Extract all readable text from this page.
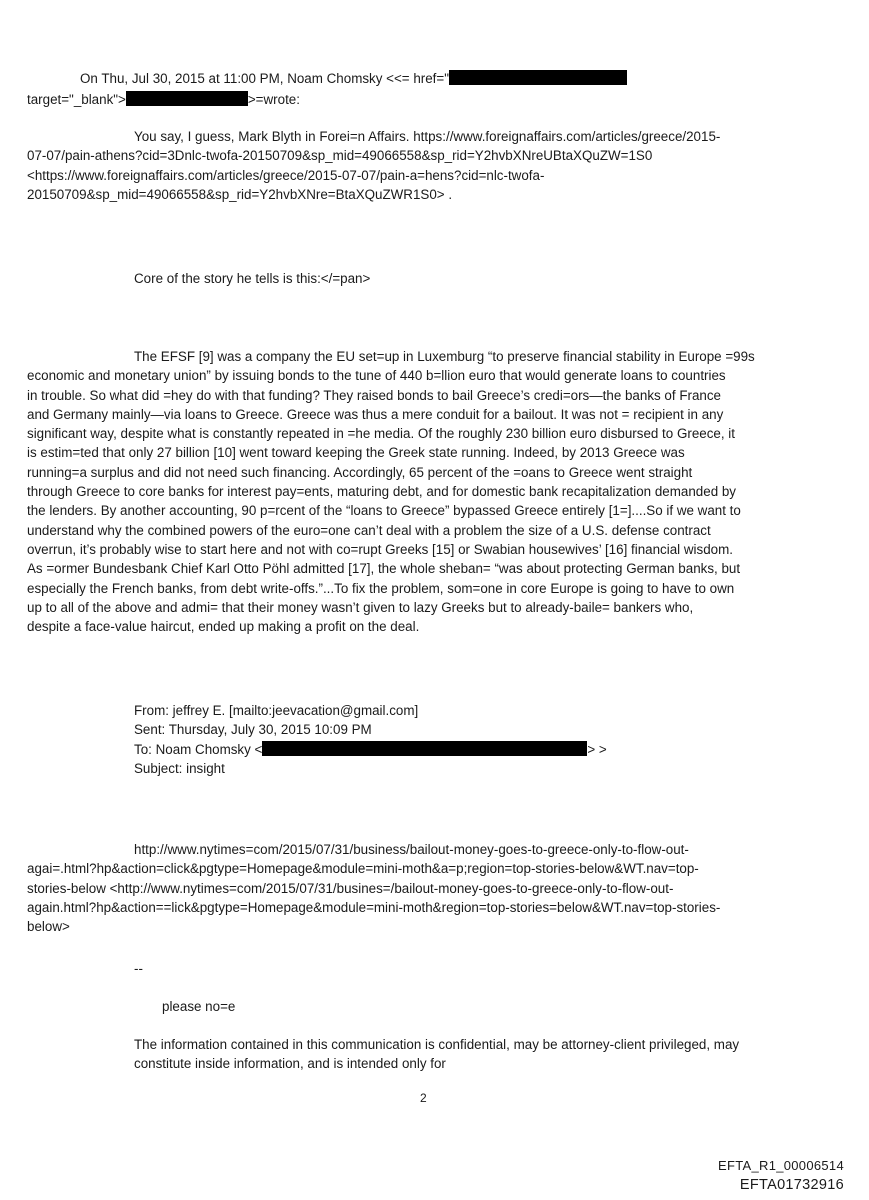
On Thu, Jul 30, 2015 at 11:00 PM, Noam Chomsky <<= href="
target="_blank">	>=wrote:

You say, I guess, Mark Blyth in Forei=n Affairs. https://www.foreignaffairs.com/articles/greece/2015-

07-07/pain-athens?cid=3Dnlc-twofa-20150709&sp_mid=49066558&sp_rid=Y2hvbXNreUBtaXQuZW=1S0

<https://www.foreignaffairs.com/articles/greece/2015-07-07/pain-a=hens?cid=nlc-twofa-

20150709&sp_mid=49066558&sp_rid=Y2hvbXNre=BtaXQuZWR1S0> .

Core of the story he tells is this:</=pan>

The EFSF [9] was a company the EU set=up in Luxemburg “to preserve financial stability in Europe =99s

economic and monetary union” by issuing bonds to the tune of 440 b=llion euro that would generate loans to countries

in trouble. So what did =hey do with that funding? They raised bonds to bail Greece’s credi=ors—the banks of France

and Germany mainly—via loans to Greece. Greece was thus a mere conduit for a bailout. It was not = recipient in any

significant way, despite what is constantly repeated in =he media. Of the roughly 230 billion euro disbursed to Greece, it

is estim=ted that only 27 billion [10] went toward keeping the Greek state running. Indeed, by 2013 Greece was

running=a surplus and did not need such financing. Accordingly, 65 percent of the =oans to Greece went straight

through Greece to core banks for interest pay=ents, maturing debt, and for domestic bank recapitalization demanded by

the lenders. By another accounting, 90 p=rcent of the “loans to Greece” bypassed Greece entirely [1=]....So if we want to

understand why the combined powers of the euro=one can’t deal with a problem the size of a U.S. defense contract

overrun, it’s probably wise to start here and not with co=rupt Greeks [15] or Swabian housewives’ [16] financial wisdom.

As =ormer Bundesbank Chief Karl Otto Pöhl admitted [17], the whole sheban= “was about protecting German banks, but

especially the French banks, from debt write-offs.”...To fix the problem, som=one in core Europe is going to have to own

up to all of the above and admi= that their money wasn’t given to lazy Greeks but to already-baile= bankers who,

despite a face-value haircut, ended up making a profit on the deal.

From: jeffrey E. [mailto:jeevacation@gmail.com]

Sent: Thursday, July 30, 2015 10:09 PM

To: Noam Chomsky <	> >

Subject: insight

http://www.nytimes=com/2015/07/31/business/bailout-money-goes-to-greece-only-to-flow-out-

agai=.html?hp&action=click&pgtype=Homepage&module=mini-moth&a=p;region=top-stories-below&WT.nav=top-

stories-below <http://www.nytimes=com/2015/07/31/busines=/bailout-money-goes-to-greece-only-to-flow-out-

again.html?hp&action==lick&pgtype=Homepage&module=mini-moth&region=top-stories=below&WT.nav=top-stories-

below>

--
please no=e

The information contained in this communication is confidential, may be attorney-client privileged, may

constitute inside information, and is intended only for

2
EFTA_R1_00006514
EFTA01732916
